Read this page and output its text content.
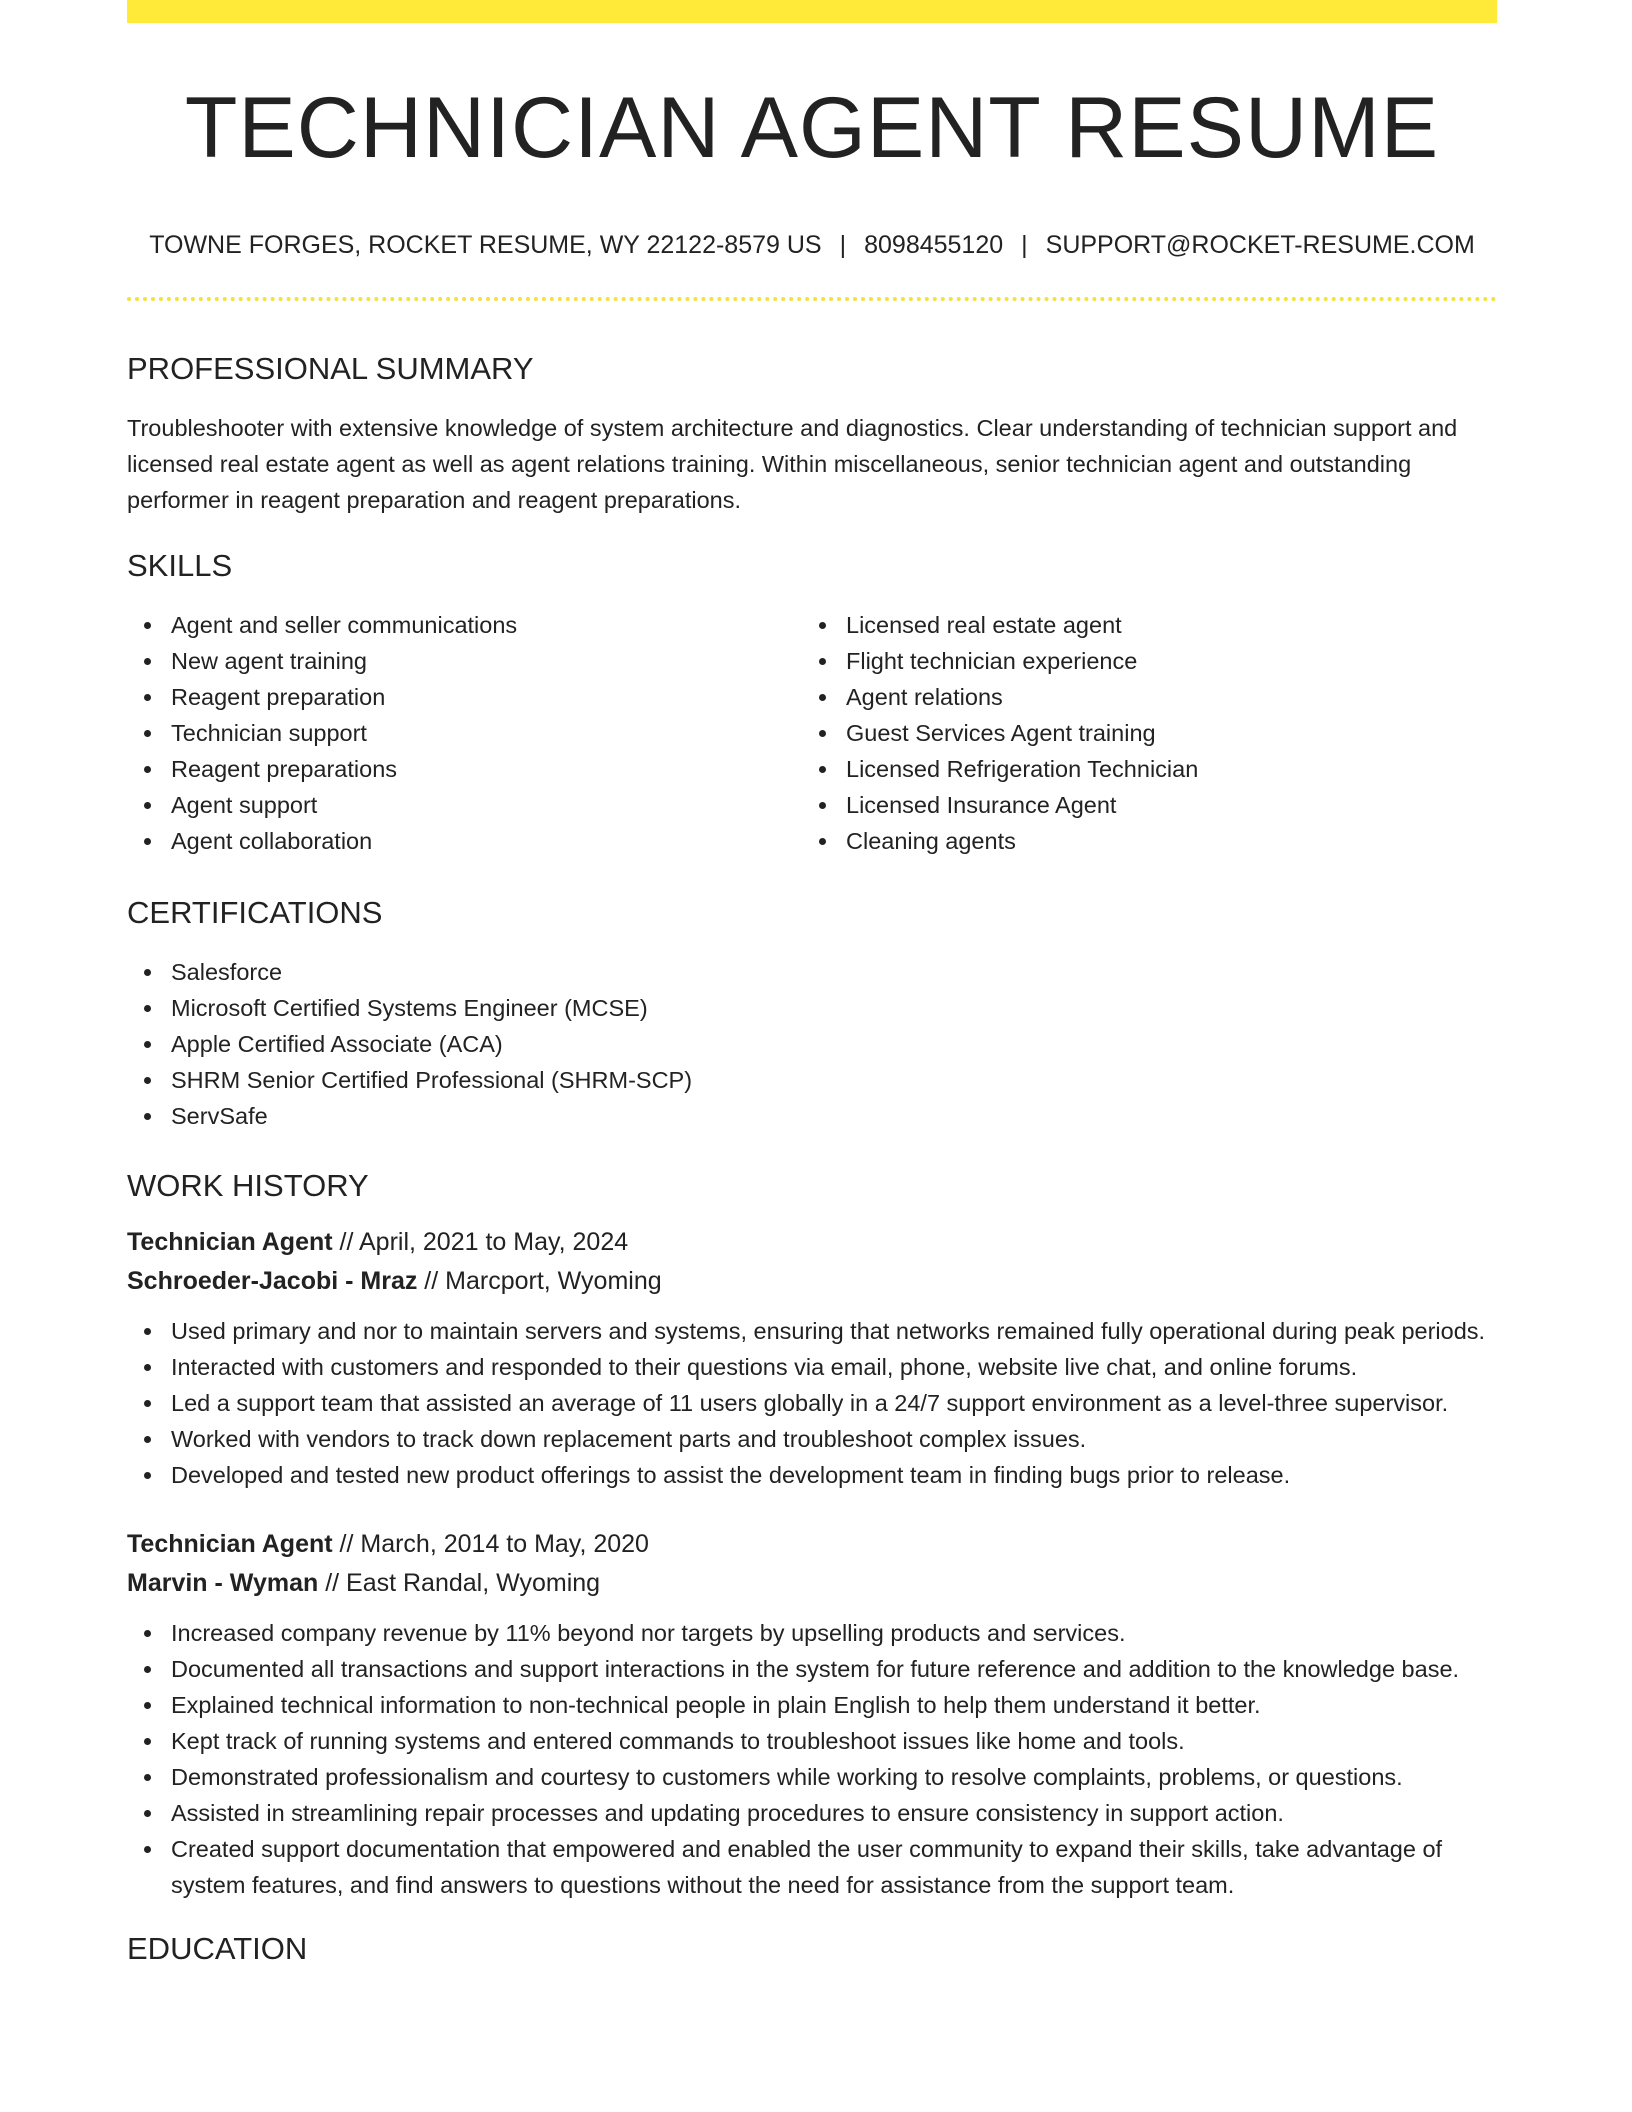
TECHNICIAN AGENT RESUME
TOWNE FORGES, ROCKET RESUME, WY 22122-8579 US | 8098455120 | SUPPORT@ROCKET-RESUME.COM
PROFESSIONAL SUMMARY

Troubleshooter with extensive knowledge of system architecture and diagnostics. Clear understanding of technician support and licensed real estate agent as well as agent relations training. Within miscellaneous, senior technician agent and outstanding performer in reagent preparation and reagent preparations.

SKILLS
Agent and seller communications
New agent training
Reagent preparation
Technician support
Reagent preparations
Agent support
Agent collaboration
Licensed real estate agent
Flight technician experience
Agent relations
Guest Services Agent training
Licensed Refrigeration Technician
Licensed Insurance Agent
Cleaning agents
CERTIFICATIONS
Salesforce
Microsoft Certified Systems Engineer (MCSE)
Apple Certified Associate (ACA)
SHRM Senior Certified Professional (SHRM-SCP)
ServSafe
WORK HISTORY
Technician Agent // April, 2021 to May, 2024
Schroeder-Jacobi - Mraz // Marcport, Wyoming
Used primary and nor to maintain servers and systems, ensuring that networks remained fully operational during peak periods.
Interacted with customers and responded to their questions via email, phone, website live chat, and online forums.
Led a support team that assisted an average of 11 users globally in a 24/7 support environment as a level-three supervisor.
Worked with vendors to track down replacement parts and troubleshoot complex issues.
Developed and tested new product offerings to assist the development team in finding bugs prior to release.
Technician Agent // March, 2014 to May, 2020
Marvin - Wyman // East Randal, Wyoming
Increased company revenue by 11% beyond nor targets by upselling products and services.
Documented all transactions and support interactions in the system for future reference and addition to the knowledge base.
Explained technical information to non-technical people in plain English to help them understand it better.
Kept track of running systems and entered commands to troubleshoot issues like home and tools.
Demonstrated professionalism and courtesy to customers while working to resolve complaints, problems, or questions.
Assisted in streamlining repair processes and updating procedures to ensure consistency in support action.
Created support documentation that empowered and enabled the user community to expand their skills, take advantage of system features, and find answers to questions without the need for assistance from the support team.
EDUCATION
